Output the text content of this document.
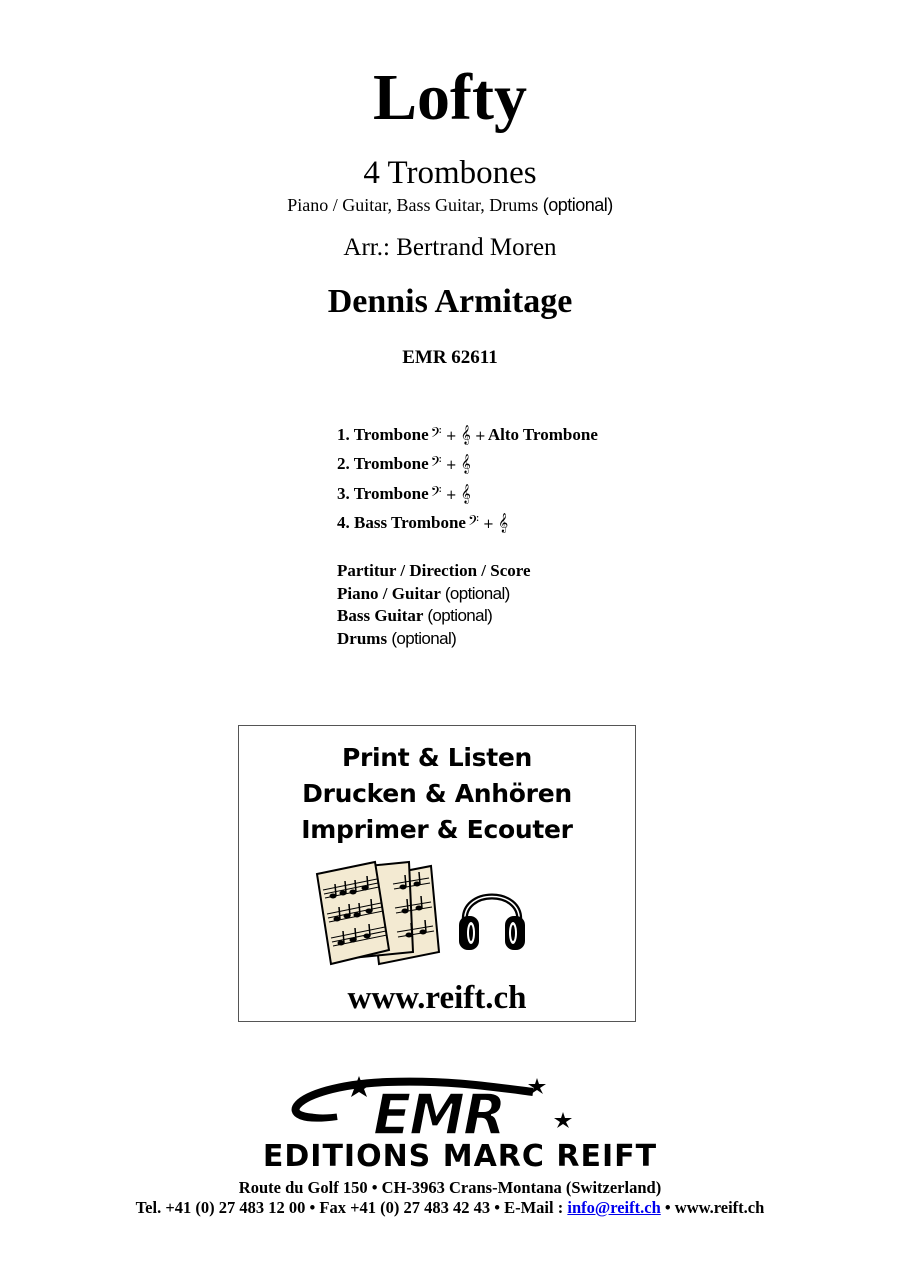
Lofty
4 Trombones
Piano / Guitar, Bass Guitar, Drums (optional)
Arr.: Bertrand Moren
Dennis Armitage
EMR 62611
1. Trombone 𝄢 + 𝄞 + Alto Trombone
2. Trombone 𝄢 + 𝄞
3. Trombone 𝄢 + 𝄞
4. Bass Trombone 𝄢 + 𝄞
Partitur / Direction / Score
Piano / Guitar (optional)
Bass Guitar (optional)
Drums (optional)
Print & Listen
Drucken & Anhören
Imprimer & Ecouter
www.reift.ch
EMR
EDITIONS MARC REIFT
Route du Golf 150 • CH-3963 Crans-Montana (Switzerland)
Tel. +41 (0) 27 483 12 00 • Fax +41 (0) 27 483 42 43 • E-Mail : info@reift.ch • www.reift.ch
